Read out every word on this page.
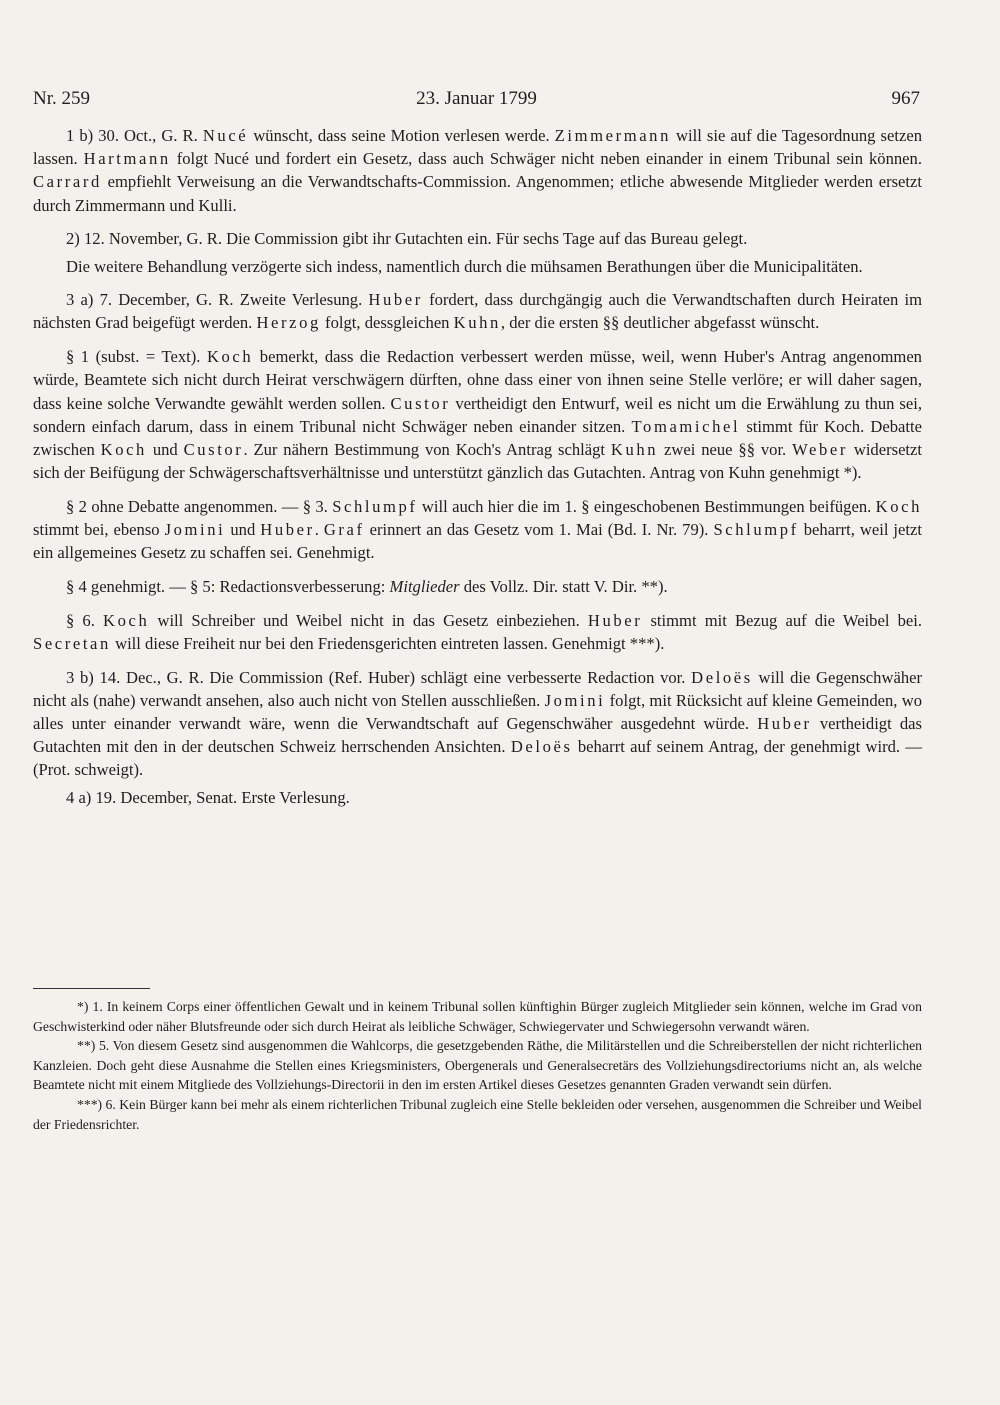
Nr. 259	23. Januar 1799	967

1 b) 30. Oct., G. R. Nucé wünscht, dass seine Motion verlesen werde. Zimmermann will sie auf die Tagesordnung setzen lassen. Hartmann folgt Nucé und fordert ein Gesetz, dass auch Schwäger nicht neben einander in einem Tribunal sein können. Carrard empfiehlt Verweisung an die Verwandtschafts-Commission. Angenommen; etliche abwesende Mitglieder werden ersetzt durch Zimmermann und Kulli.

2) 12. November, G. R. Die Commission gibt ihr Gutachten ein. Für sechs Tage auf das Bureau gelegt.

Die weitere Behandlung verzögerte sich indess, namentlich durch die mühsamen Berathungen über die Municipalitäten.

3 a) 7. December, G. R. Zweite Verlesung. Huber fordert, dass durchgängig auch die Verwandtschaften durch Heiraten im nächsten Grad beigefügt werden. Herzog folgt, dessgleichen Kuhn, der die ersten §§ deutlicher abgefasst wünscht.

§ 1 (subst. = Text). Koch bemerkt, dass die Redaction verbessert werden müsse, weil, wenn Huber's Antrag angenommen würde, Beamtete sich nicht durch Heirat verschwägern dürften, ohne dass einer von ihnen seine Stelle verlöre; er will daher sagen, dass keine solche Verwandte gewählt werden sollen. Custor vertheidigt den Entwurf, weil es nicht um die Erwählung zu thun sei, sondern einfach darum, dass in einem Tribunal nicht Schwäger neben einander sitzen. Tomamichel stimmt für Koch. Debatte zwischen Koch und Custor. Zur nähern Bestimmung von Koch's Antrag schlägt Kuhn zwei neue §§ vor. Weber widersetzt sich der Beifügung der Schwägerschaftsverhältnisse und unterstützt gänzlich das Gutachten. Antrag von Kuhn genehmigt *).

§ 2 ohne Debatte angenommen. — § 3. Schlumpf will auch hier die im 1. § eingeschobenen Bestimmungen beifügen. Koch stimmt bei, ebenso Jomini und Huber. Graf erinnert an das Gesetz vom 1. Mai (Bd. I. Nr. 79). Schlumpf beharrt, weil jetzt ein allgemeines Gesetz zu schaffen sei. Genehmigt.

§ 4 genehmigt. — § 5: Redactionsverbesserung: Mitglieder des Vollz. Dir. statt V. Dir. **).

§ 6. Koch will Schreiber und Weibel nicht in das Gesetz einbeziehen. Huber stimmt mit Bezug auf die Weibel bei. Secretan will diese Freiheit nur bei den Friedensgerichten eintreten lassen. Genehmigt ***).

3 b) 14. Dec., G. R. Die Commission (Ref. Huber) schlägt eine verbesserte Redaction vor. Deloës will die Gegenschwäher nicht als (nahe) verwandt ansehen, also auch nicht von Stellen ausschließen. Jomini folgt, mit Rücksicht auf kleine Gemeinden, wo alles unter einander verwandt wäre, wenn die Verwandtschaft auf Gegenschwäher ausgedehnt würde. Huber vertheidigt das Gutachten mit den in der deutschen Schweiz herrschenden Ansichten. Deloës beharrt auf seinem Antrag, der genehmigt wird. — (Prot. schweigt).

4 a) 19. December, Senat. Erste Verlesung.

*) 1. In keinem Corps einer öffentlichen Gewalt und in keinem Tribunal sollen künftighin Bürger zugleich Mitglieder sein können, welche im Grad von Geschwisterkind oder näher Blutsfreunde oder sich durch Heirat als leibliche Schwäger, Schwiegervater und Schwiegersohn verwandt wären.

**) 5. Von diesem Gesetz sind ausgenommen die Wahlcorps, die gesetzgebenden Räthe, die Militärstellen und die Schreiberstellen der nicht richterlichen Kanzleien. Doch geht diese Ausnahme die Stellen eines Kriegsministers, Obergenerals und Generalsecretärs des Vollziehungsdirectoriums nicht an, als welche Beamtete nicht mit einem Mitgliede des Vollziehungs-Directorii in den im ersten Artikel dieses Gesetzes genannten Graden verwandt sein dürfen.

***) 6. Kein Bürger kann bei mehr als einem richterlichen Tribunal zugleich eine Stelle bekleiden oder versehen, ausgenommen die Schreiber und Weibel der Friedensrichter.
